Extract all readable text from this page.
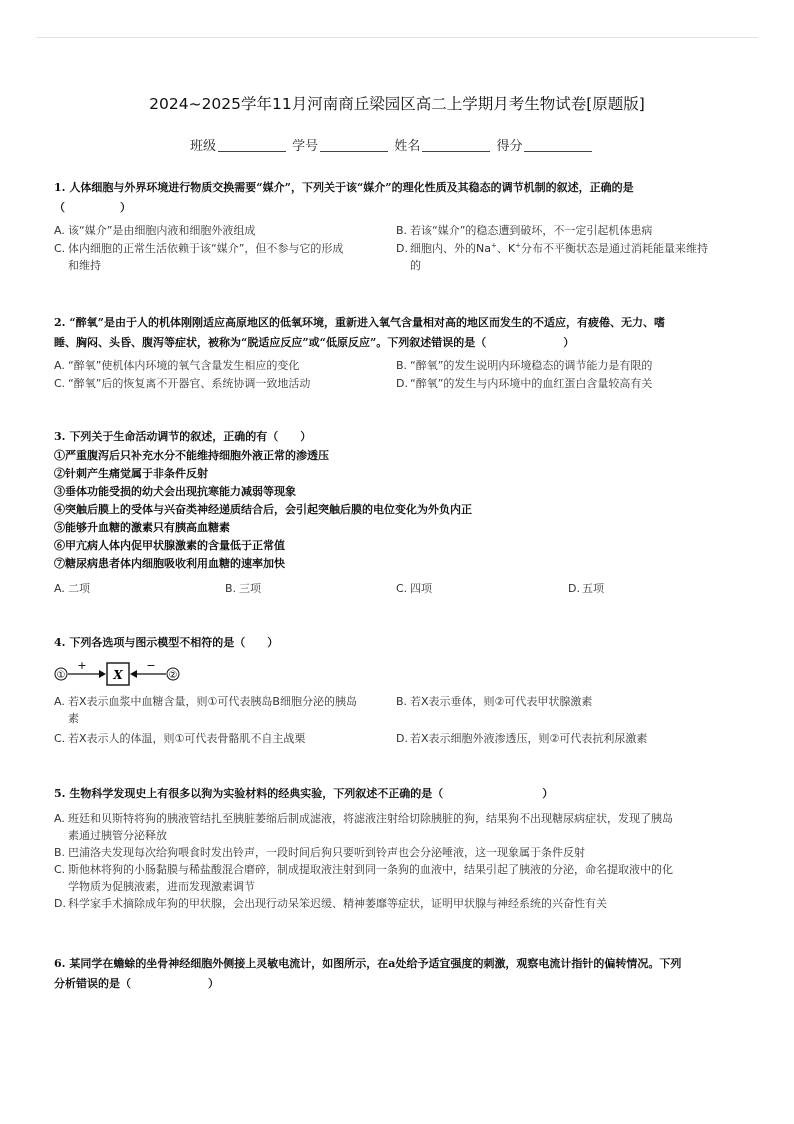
2024~2025学年11月河南商丘梁园区高二上学期月考生物试卷[原题版]
班级	学号	姓名	得分
1. 人体细胞与外界环境进行物质交换需要“媒介”，下列关于该“媒介”的理化性质及其稳态的调节机制的叙述，正确的是
（　　　　　）
A. 该“媒介”是由细胞内液和细胞外液组成	B. 若该“媒介”的稳态遭到破坏，不一定引起机体患病
C. 体内细胞的正常生活依赖于该“媒介”，但不参与它的形成
和维持
D. 细胞内、外的Na+、K+分布不平衡状态是通过消耗能量来维持
的
2. “醉氧”是由于人的机体刚刚适应高原地区的低氧环境，重新进入氧气含量相对高的地区而发生的不适应，有疲倦、无力、嗜
睡、胸闷、头昏、腹泻等症状，被称为“脱适应反应”或“低原反应”。下列叙述错误的是（　　　　　　　）
A. “醉氧”使机体内环境的氧气含量发生相应的变化	B. “醉氧”的发生说明内环境稳态的调节能力是有限的
C. “醉氧”后的恢复离不开器官、系统协调一致地活动	D. “醉氧”的发生与内环境中的血红蛋白含量较高有关
3. 下列关于生命活动调节的叙述，正确的有（　　）
①严重腹泻后只补充水分不能维持细胞外液正常的渗透压
②针刺产生痛觉属于非条件反射
③垂体功能受损的幼犬会出现抗寒能力减弱等现象
④突触后膜上的受体与兴奋类神经递质结合后，会引起突触后膜的电位变化为外负内正
⑤能够升血糖的激素只有胰高血糖素
⑥甲亢病人体内促甲状腺激素的含量低于正常值
⑦糖尿病患者体内细胞吸收利用血糖的速率加快
A. 二项	B. 三项	C. 四项	D. 五项
4. 下列各选项与图示模型不相符的是（　　）
①
+
X
−
②
A. 若X表示血浆中血糖含量，则①可代表胰岛B细胞分泌的胰岛
素
B. 若X表示垂体，则②可代表甲状腺激素
C. 若X表示人的体温，则①可代表骨骼肌不自主战栗	D. 若X表示细胞外液渗透压，则②可代表抗利尿激素
5. 生物科学发现史上有很多以狗为实验材料的经典实验，下列叙述不正确的是（　　　　　　　　　）
A. 班廷和贝斯特将狗的胰液管结扎至胰脏萎缩后制成滤液，将滤液注射给切除胰脏的狗，结果狗不出现糖尿病症状，发现了胰岛
素通过胰管分泌释放
B. 巴浦洛夫发现每次给狗喂食时发出铃声，一段时间后狗只要听到铃声也会分泌唾液，这一现象属于条件反射
C. 斯他林将狗的小肠黏膜与稀盐酸混合磨碎，制成提取液注射到同一条狗的血液中，结果引起了胰液的分泌，命名提取液中的化
学物质为促胰液素，进而发现激素调节
D. 科学家手术摘除成年狗的甲状腺，会出现行动呆笨迟缓、精神萎靡等症状，证明甲状腺与神经系统的兴奋性有关
6. 某同学在蟾蜍的坐骨神经细胞外侧接上灵敏电流计，如图所示，在a处给予适宜强度的刺激，观察电流计指针的偏转情况。下列
分析错误的是（　　　　　　　）
